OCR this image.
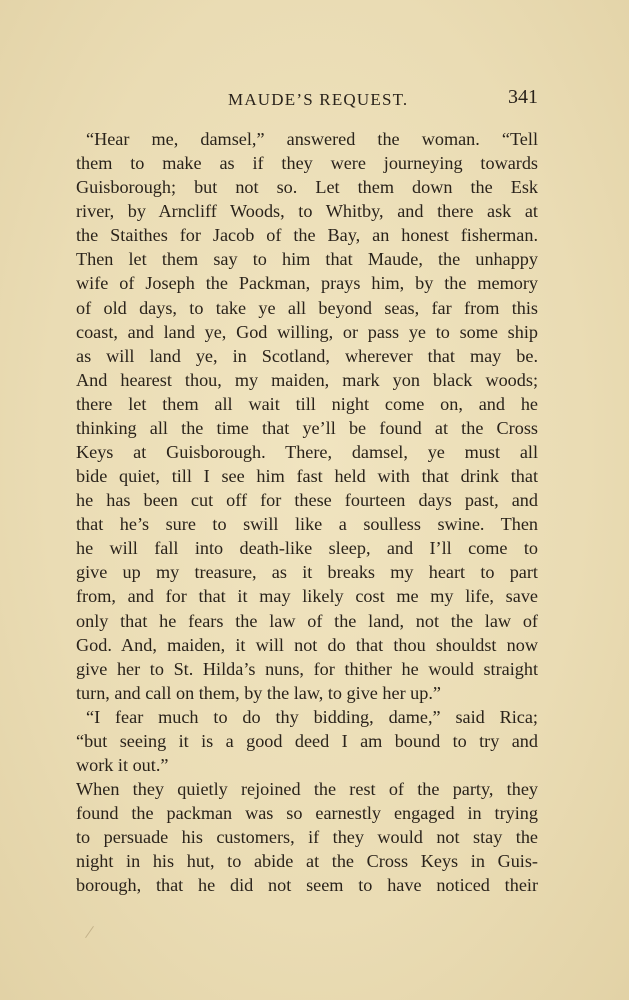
MAUDE’S REQUEST.	341
“Hear me, damsel,” answered the woman. “Tell
them to make as if they were journeying towards
Guisborough; but not so. Let them down the Esk
river, by Arncliff Woods, to Whitby, and there ask at
the Staithes for Jacob of the Bay, an honest fisherman.
Then let them say to him that Maude, the unhappy
wife of Joseph the Packman, prays him, by the memory
of old days, to take ye all beyond seas, far from this
coast, and land ye, God willing, or pass ye to some ship
as will land ye, in Scotland, wherever that may be.
And hearest thou, my maiden, mark yon black woods;
there let them all wait till night come on, and he
thinking all the time that ye’ll be found at the Cross
Keys at Guisborough. There, damsel, ye must all
bide quiet, till I see him fast held with that drink that
he has been cut off for these fourteen days past, and
that he’s sure to swill like a soulless swine. Then
he will fall into death-like sleep, and I’ll come to
give up my treasure, as it breaks my heart to part
from, and for that it may likely cost me my life, save
only that he fears the law of the land, not the law of
God. And, maiden, it will not do that thou shouldst now
give her to St. Hilda’s nuns, for thither he would straight
turn, and call on them, by the law, to give her up.”
“I fear much to do thy bidding, dame,” said Rica;
“but seeing it is a good deed I am bound to try and
work it out.”
When they quietly rejoined the rest of the party, they
found the packman was so earnestly engaged in trying
to persuade his customers, if they would not stay the
night in his hut, to abide at the Cross Keys in Guis-
borough, that he did not seem to have noticed their
